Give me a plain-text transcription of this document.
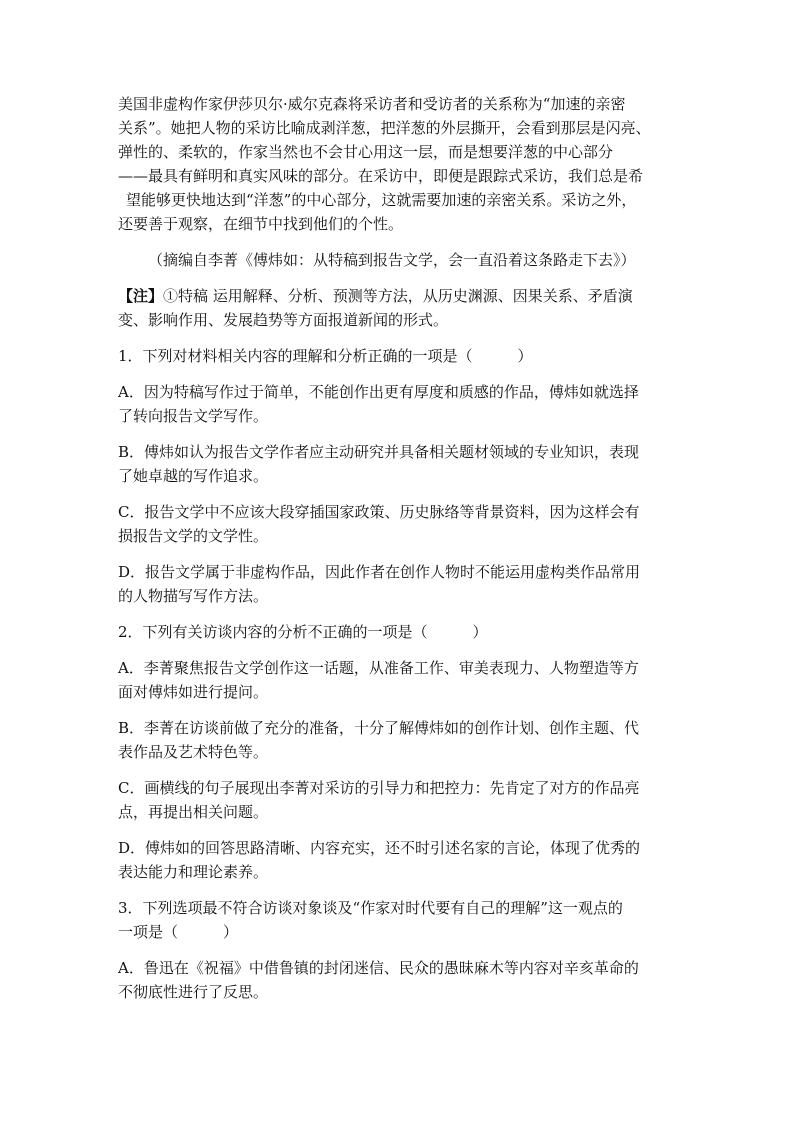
美国非虚构作家伊莎贝尔·威尔克森将采访者和受访者的关系称为“加速的亲密
关系”。她把人物的采访比喻成剥洋葱，把洋葱的外层撕开，会看到那层是闪亮、
弹性的、柔软的，作家当然也不会甘心用这一层，而是想要洋葱的中心部分
——最具有鲜明和真实风味的部分。在采访中，即便是跟踪式采访，我们总是希
望能够更快地达到“洋葱”的中心部分，这就需要加速的亲密关系。采访之外，
还要善于观察，在细节中找到他们的个性。
（摘编自李菁《傅炜如：从特稿到报告文学，会一直沿着这条路走下去》）
【注】①特稿 运用解释、分析、预测等方法，从历史渊源、因果关系、矛盾演
变、影响作用、发展趋势等方面报道新闻的形式。
1．下列对材料相关内容的理解和分析正确的一项是（　　　）
A．因为特稿写作过于简单，不能创作出更有厚度和质感的作品，傅炜如就选择
了转向报告文学写作。
B．傅炜如认为报告文学作者应主动研究并具备相关题材领域的专业知识，表现
了她卓越的写作追求。
C．报告文学中不应该大段穿插国家政策、历史脉络等背景资料，因为这样会有
损报告文学的文学性。
D．报告文学属于非虚构作品，因此作者在创作人物时不能运用虚构类作品常用
的人物描写写作方法。
2．下列有关访谈内容的分析不正确的一项是（　　　）
A．李菁聚焦报告文学创作这一话题，从准备工作、审美表现力、人物塑造等方
面对傅炜如进行提问。
B．李菁在访谈前做了充分的准备，十分了解傅炜如的创作计划、创作主题、代
表作品及艺术特色等。
C．画横线的句子展现出李菁对采访的引导力和把控力：先肯定了对方的作品亮
点，再提出相关问题。
D．傅炜如的回答思路清晰、内容充实，还不时引述名家的言论，体现了优秀的
表达能力和理论素养。
3．下列选项最不符合访谈对象谈及“作家对时代要有自己的理解”这一观点的
一项是（　　　）
A．鲁迅在《祝福》中借鲁镇的封闭迷信、民众的愚昧麻木等内容对辛亥革命的
不彻底性进行了反思。
